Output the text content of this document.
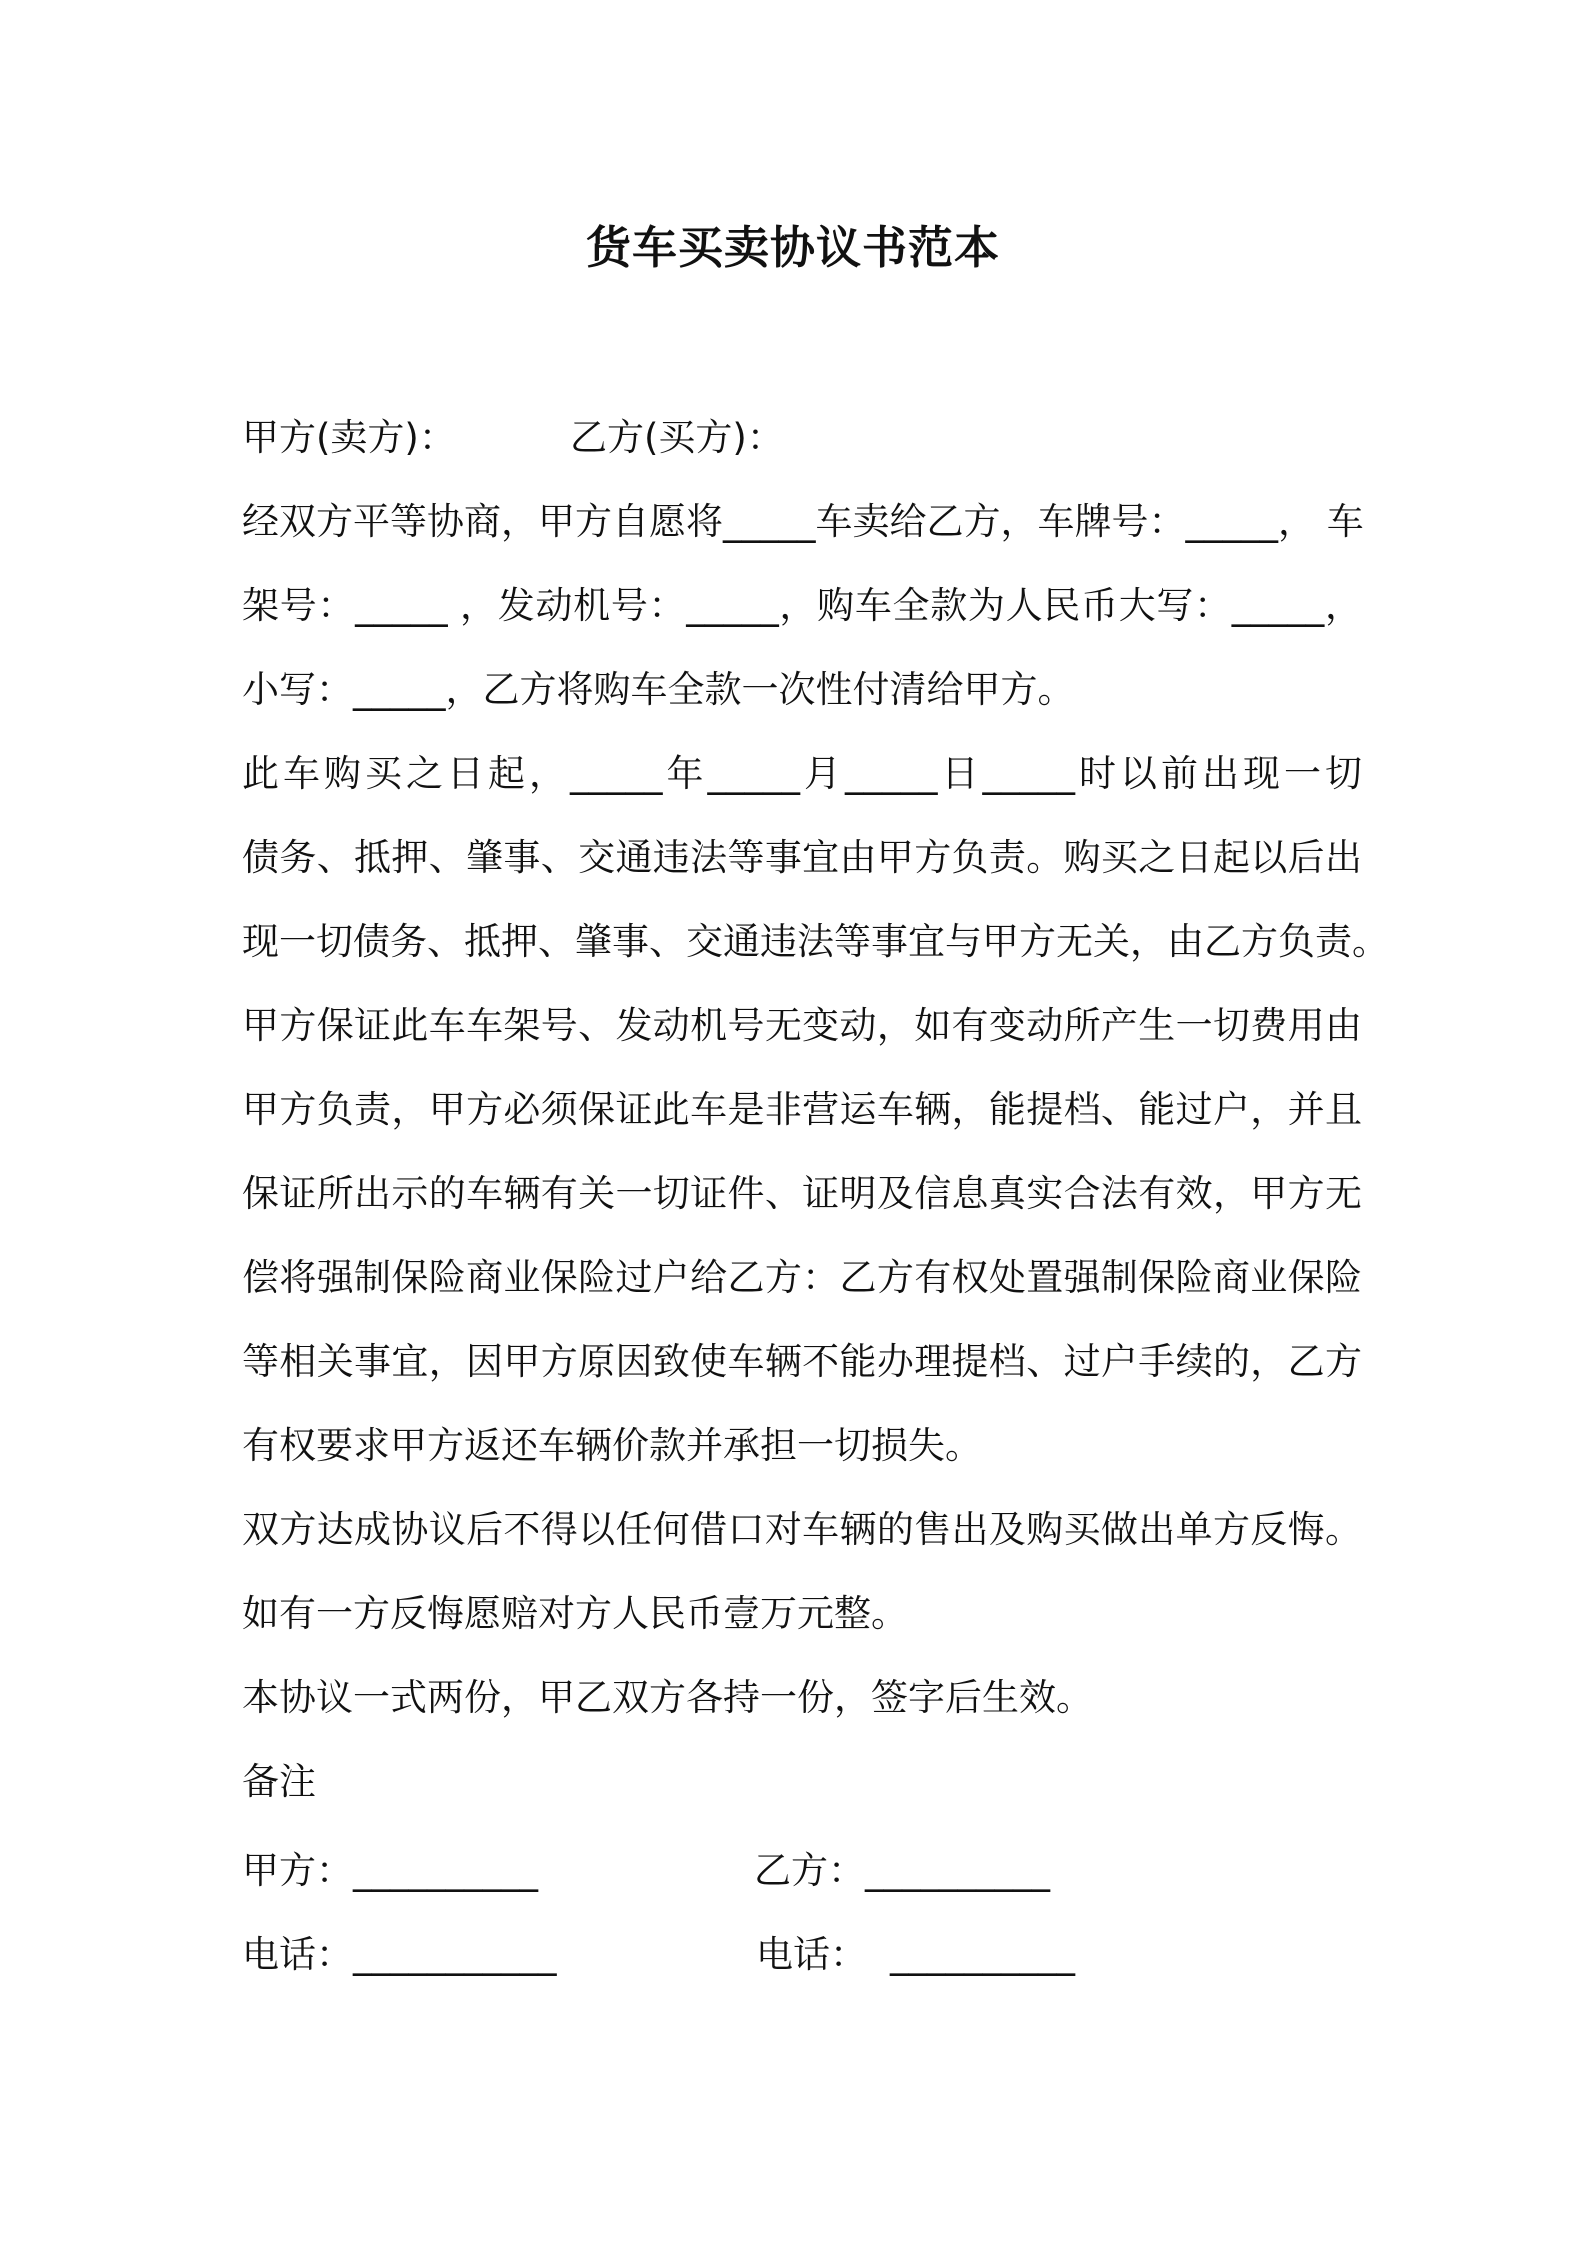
货车买卖协议书范本
甲方(卖方)：	乙方(买方)：
经双方平等协商，甲方自愿将_____车卖给乙方，车牌号：_____， 车
架号：_____ ，发动机号：_____，购车全款为人民币大写：_____，
小写：_____，乙方将购车全款一次性付清给甲方。
此车购买之日起，_____年_____月_____日_____时以前出现一切
债务、抵押、肇事、交通违法等事宜由甲方负责。购买之日起以后出
现一切债务、抵押、肇事、交通违法等事宜与甲方无关，由乙方负责。
甲方保证此车车架号、发动机号无变动，如有变动所产生一切费用由
甲方负责，甲方必须保证此车是非营运车辆，能提档、能过户，并且
保证所出示的车辆有关一切证件、证明及信息真实合法有效，甲方无
偿将强制保险商业保险过户给乙方：乙方有权处置强制保险商业保险
等相关事宜，因甲方原因致使车辆不能办理提档、过户手续的，乙方
有权要求甲方返还车辆价款并承担一切损失。
双方达成协议后不得以任何借口对车辆的售出及购买做出单方反悔。
如有一方反悔愿赔对方人民币壹万元整。
本协议一式两份，甲乙双方各持一份，签字后生效。
备注
甲方：__________	乙方：__________
电话：___________	电话： __________
